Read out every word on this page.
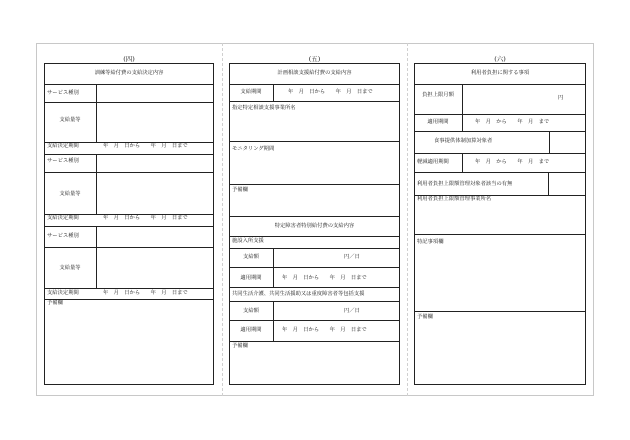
(四)
訓練等給付費の支給決定内容
サービス種別
支給量等
支給決定期間	年　月　日から　　年　月　日まで
サービス種別
支給量等
支給決定期間	年　月　日から　　年　月　日まで
サービス種別
支給量等
支給決定期間	年　月　日から　　年　月　日まで
予備欄
(五)
計画相談支援給付費の支給内容
支給期間	年　月　日から　　年　月　日まで
指定特定相談支援事業所名
モニタリング期間
予備欄
特定障害者特別給付費の支給内容
施設入所支援
支給額	円／日
適用期間	年　月　日から　　年　月　日まで
共同生活介護、共同生活援助又は重度障害者等包括支援
支給額	円／日
適用期間	年　月　日から　　年　月　日まで
予備欄
(六)
利用者負担に関する事項
負担上限月額	円
適用期間	年　月　から　　年　月　まで
食事提供体制加算対象者
軽減適用期間	年　月　から　　年　月　まで
利用者負担上限額管理対象者該当の有無
利用者負担上限額管理事業所名
特記事項欄
予備欄
